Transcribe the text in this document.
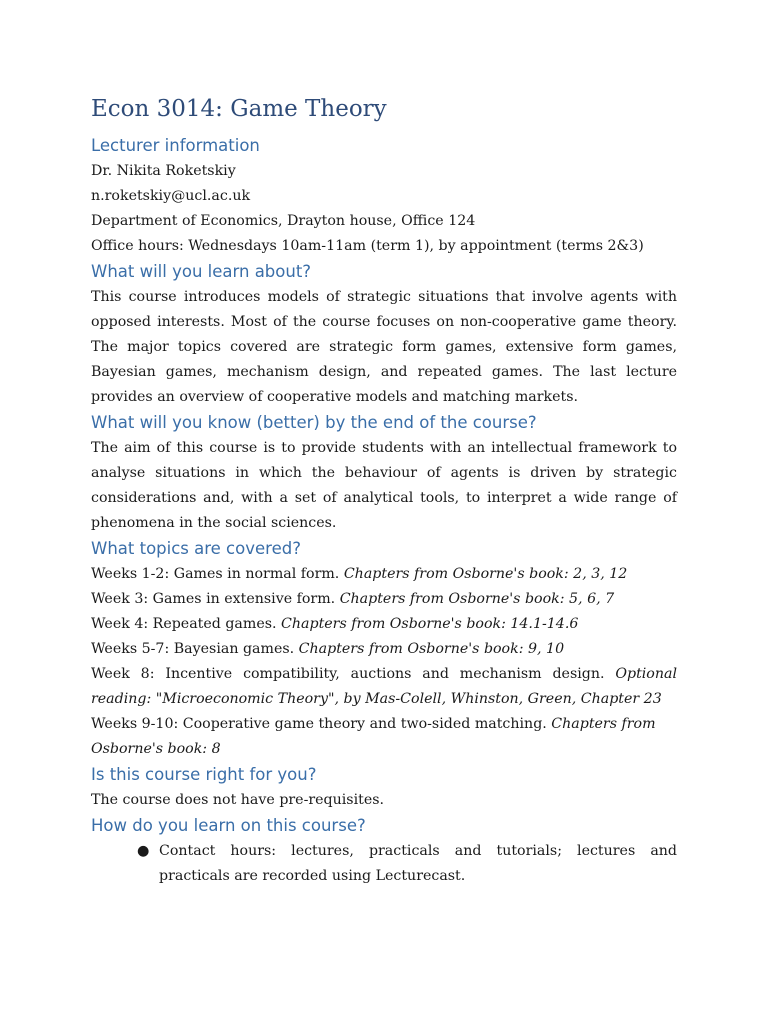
Econ 3014: Game Theory
Lecturer information

Dr. Nikita Roketskiy

n.roketskiy@ucl.ac.uk

Department of Economics, Drayton house, Office 124

Office hours: Wednesdays 10am-11am (term 1), by appointment (terms 2&3)

What will you learn about?

This course introduces models of strategic situations that involve agents with opposed interests. Most of the course focuses on non-cooperative game theory. The major topics covered are strategic form games, extensive form games, Bayesian games, mechanism design, and repeated games. The last lecture provides an overview of cooperative models and matching markets.

What will you know (better) by the end of the course?

The aim of this course is to provide students with an intellectual framework to analyse situations in which the behaviour of agents is driven by strategic considerations and, with a set of analytical tools, to interpret a wide range of phenomena in the social sciences.

What topics are covered?

Weeks 1-2: Games in normal form. Chapters from Osborne's book: 2, 3, 12

Week 3: Games in extensive form. Chapters from Osborne's book: 5, 6, 7

Week 4: Repeated games. Chapters from Osborne's book: 14.1-14.6

Weeks 5-7: Bayesian games. Chapters from Osborne's book: 9, 10

Week 8: Incentive compatibility, auctions and mechanism design. Optional reading: "Microeconomic Theory", by Mas-Colell, Whinston, Green, Chapter 23

Weeks 9-10: Cooperative game theory and two-sided matching. Chapters from Osborne's book: 8

Is this course right for you?

The course does not have pre-requisites.

How do you learn on this course?
● Contact hours: lectures, practicals and tutorials; lectures and practicals are recorded using Lecturecast.
